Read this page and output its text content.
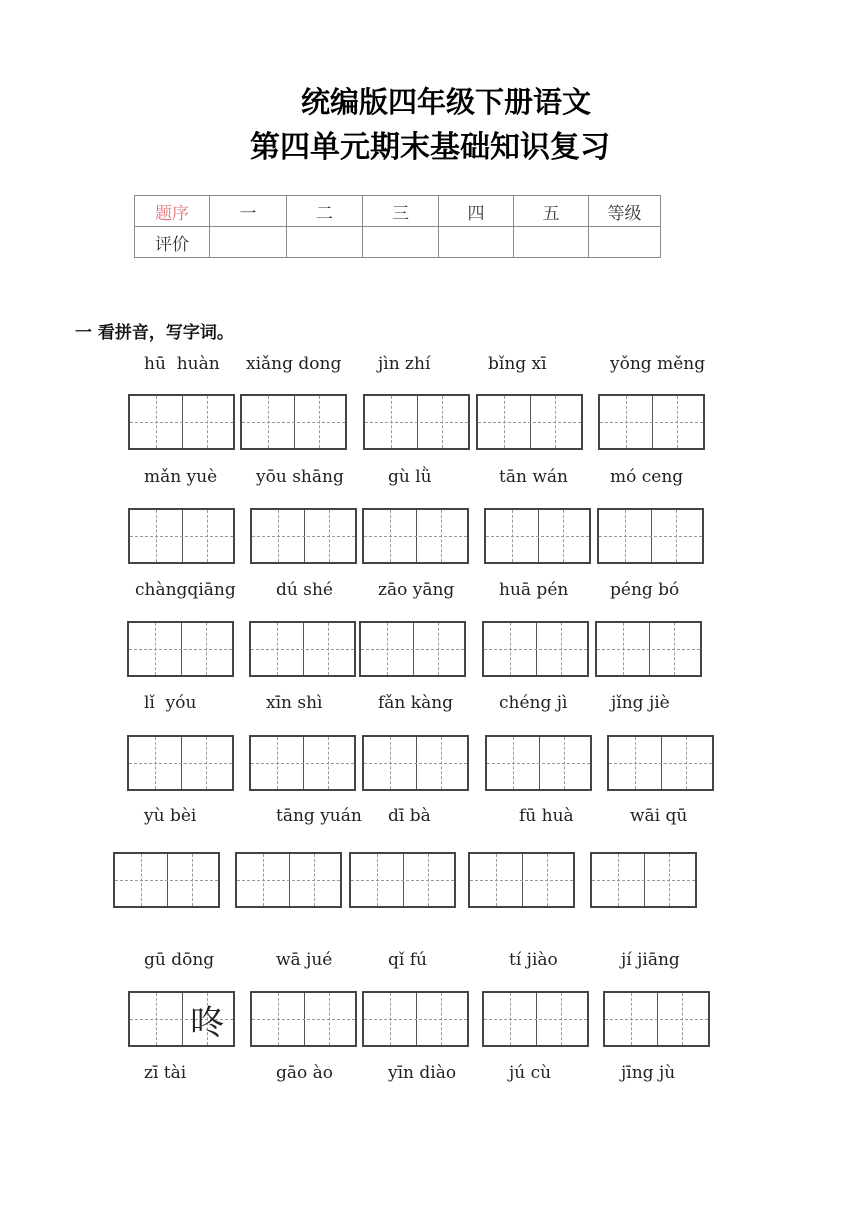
统编版四年级下册语文
第四单元期末基础知识复习
题序	一	二	三	四	五	等级
评价						
一 看拼音，写字词。
hū  huàn xiǎng dong jìn zhí	bǐng xī	yǒng měng
mǎn yuè yōu shāng	gù lǜ	tān wán mó ceng
chàngqiāng dú shé	zāo yāng	huā pén péng bó
lǐ  yóu	xīn shì	fǎn kàng	chéng jì	jǐng jiè
yù bèi	tāng yuán dī bà	fū huà	wāi qū
gū dōng
咚
wā jué	qǐ fú	tí jiào	jí jiāng
zī tài	gāo ào	yīn diào	jú cù	jīng jù
